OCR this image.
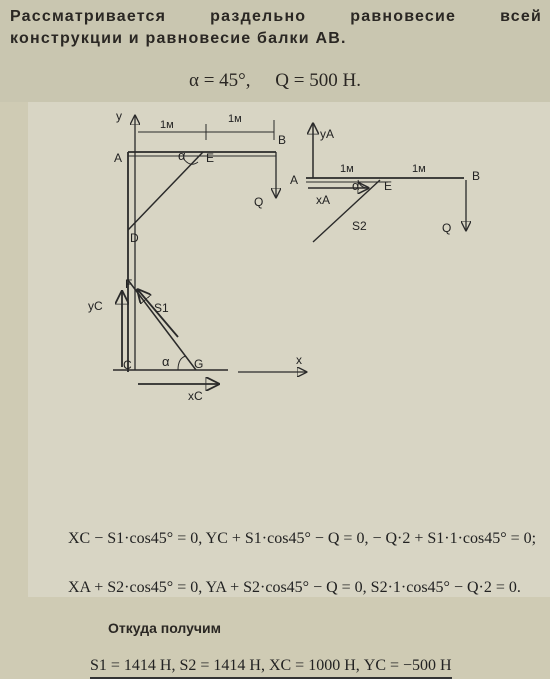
Рассматривается раздельно равновесие всей конструкции и равновесие балки АВ.
α = 45°, Q = 500 Н.
y
1м	1м
A	α E
B
Q
D
F
yC	S1
C α G	x
xC
yA
A
1м	1м	B
α E
xA
S2	Q
XC − S1·cos45° = 0, YC + S1·cos45° − Q = 0, − Q·2 + S1·1·cos45° = 0;
XA + S2·cos45° = 0, YA + S2·cos45° − Q = 0, S2·1·cos45° − Q·2 = 0.
Откуда получим
S1 = 1414 Н, S2 = 1414 Н, XC = 1000 Н, YC = −500 Н
